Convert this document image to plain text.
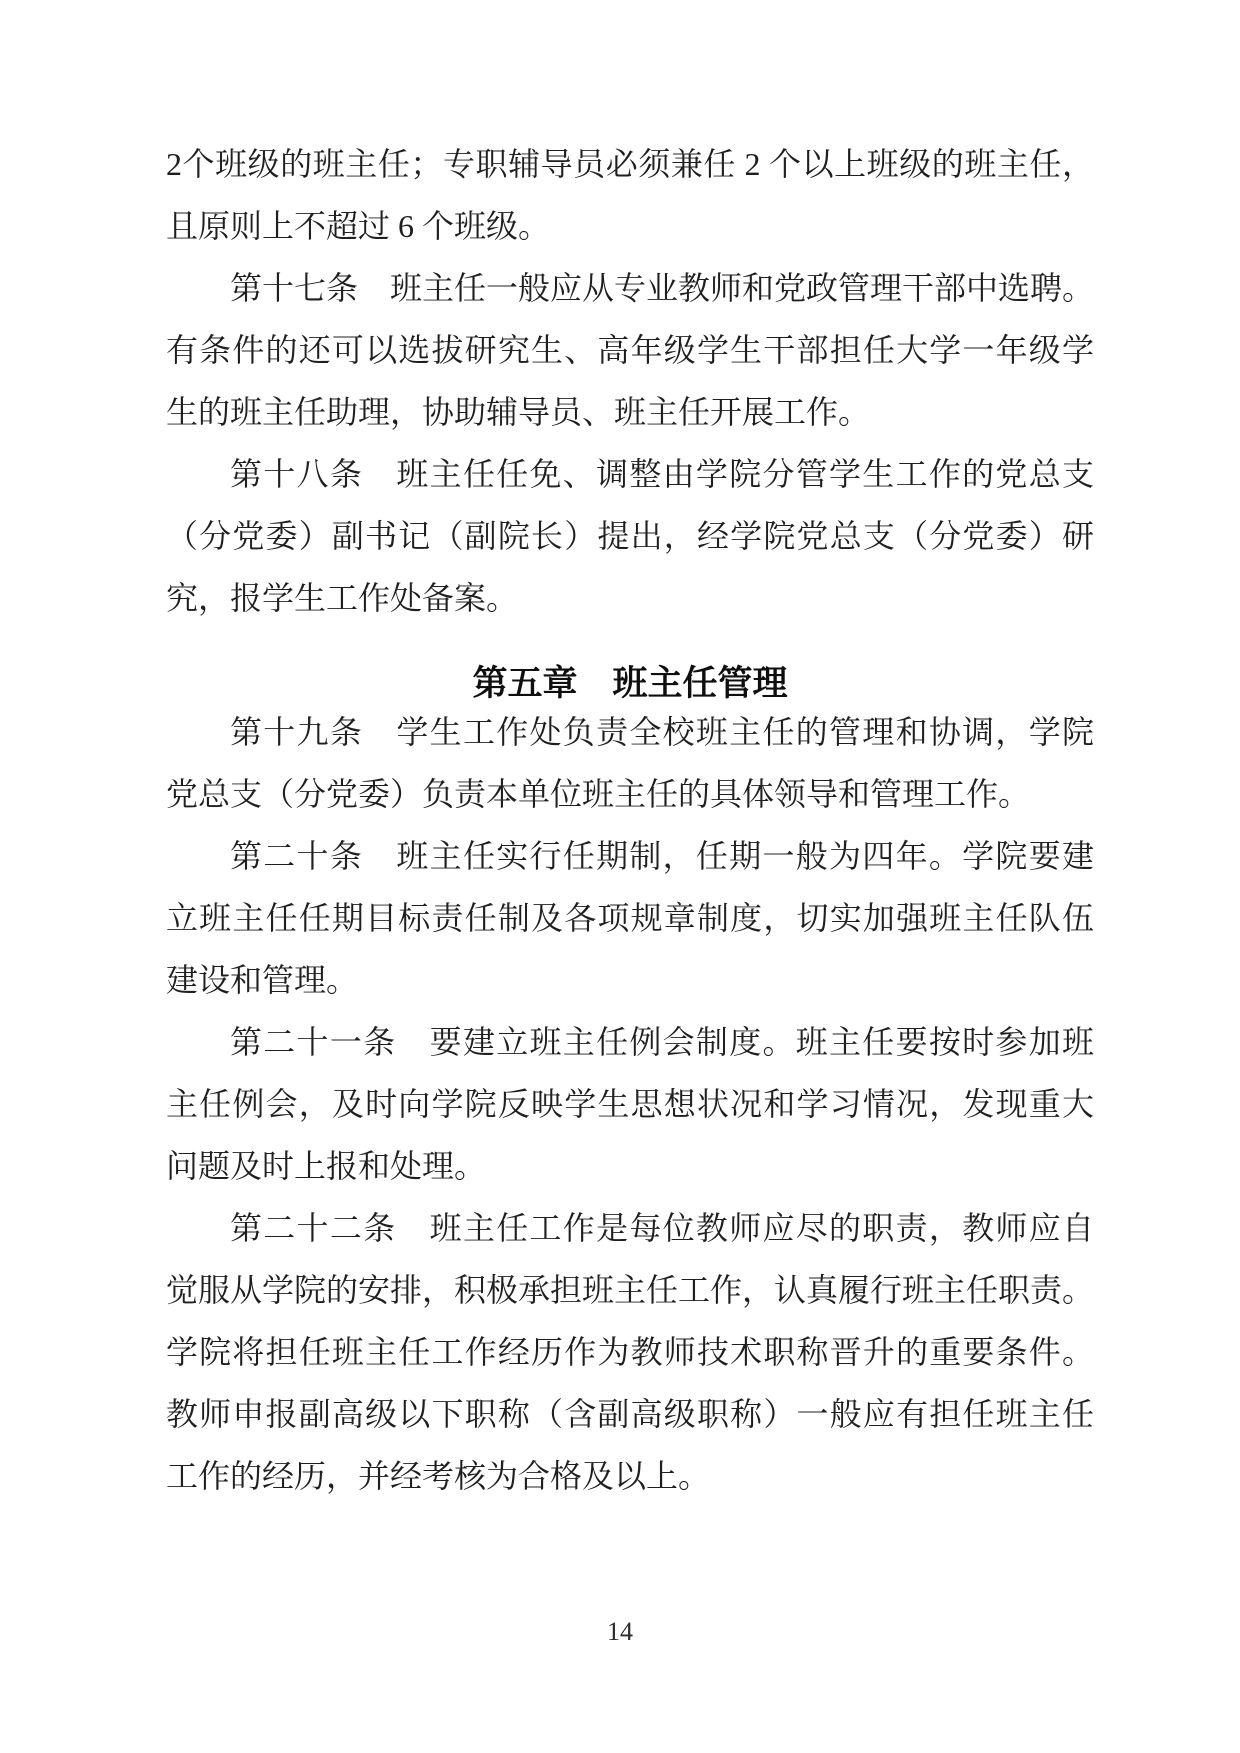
2个班级的班主任；专职辅导员必须兼任 2 个以上班级的班主任，
且原则上不超过 6 个班级。
第十七条　班主任一般应从专业教师和党政管理干部中选聘。
有条件的还可以选拔研究生、高年级学生干部担任大学一年级学
生的班主任助理，协助辅导员、班主任开展工作。
第十八条　班主任任免、调整由学院分管学生工作的党总支
（分党委）副书记（副院长）提出，经学院党总支（分党委）研
究，报学生工作处备案。
第五章　班主任管理
第十九条　学生工作处负责全校班主任的管理和协调，学院
党总支（分党委）负责本单位班主任的具体领导和管理工作。
第二十条　班主任实行任期制，任期一般为四年。学院要建
立班主任任期目标责任制及各项规章制度，切实加强班主任队伍
建设和管理。
第二十一条　要建立班主任例会制度。班主任要按时参加班
主任例会，及时向学院反映学生思想状况和学习情况，发现重大
问题及时上报和处理。
第二十二条　班主任工作是每位教师应尽的职责，教师应自
觉服从学院的安排，积极承担班主任工作，认真履行班主任职责。
学院将担任班主任工作经历作为教师技术职称晋升的重要条件。
教师申报副高级以下职称（含副高级职称）一般应有担任班主任
工作的经历，并经考核为合格及以上。
14
